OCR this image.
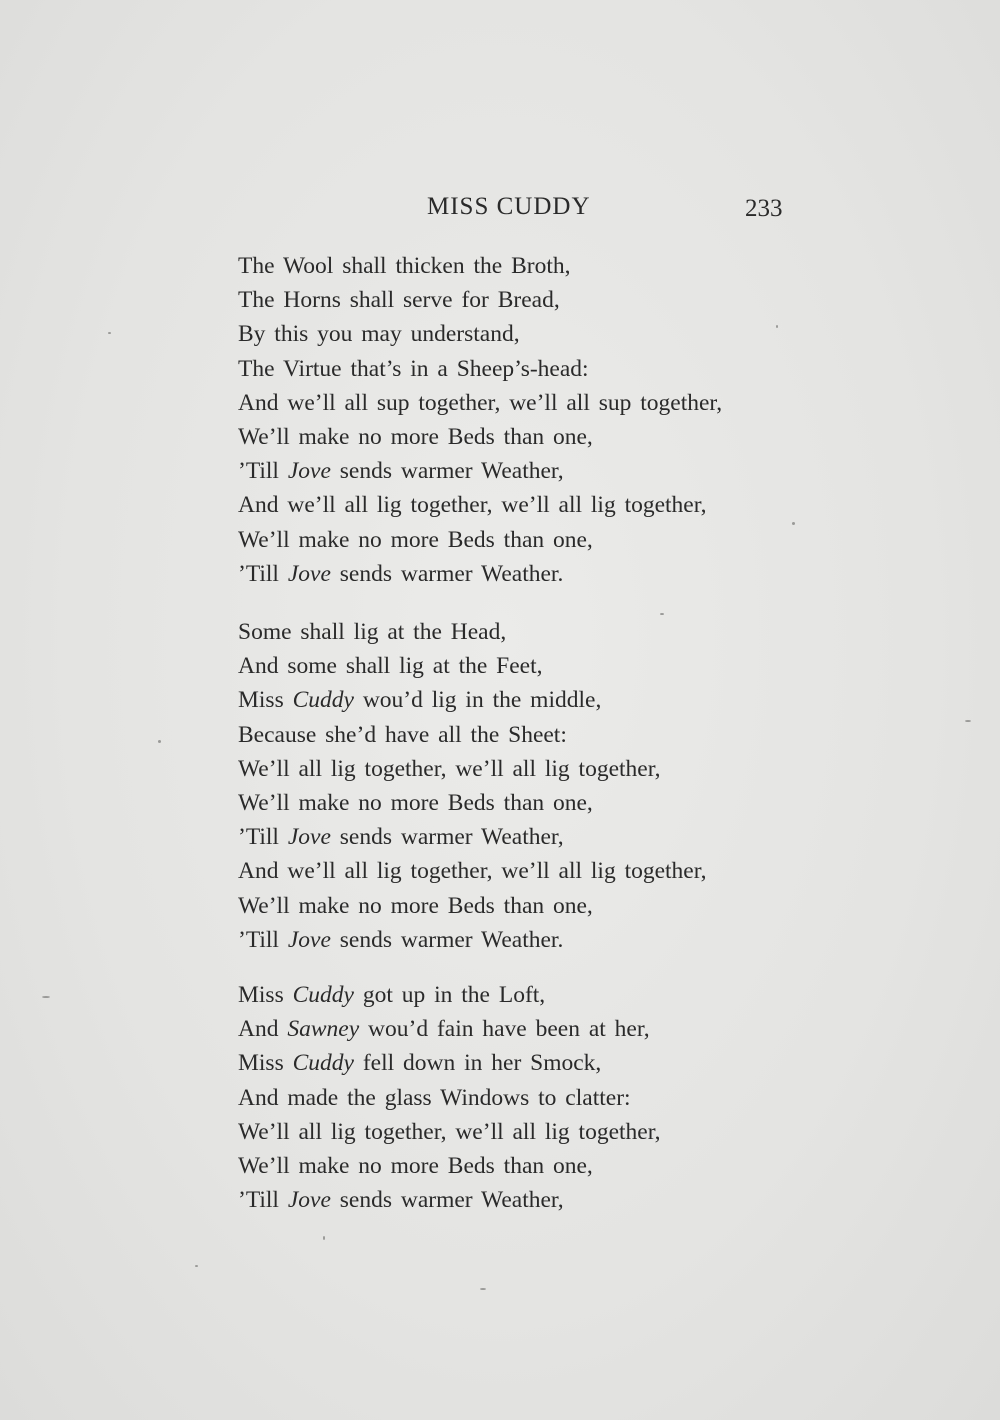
MISS CUDDY	233
The Wool shall thicken the Broth,
The Horns shall serve for Bread,
By this you may understand,
The Virtue that’s in a Sheep’s-head:
And we’ll all sup together, we’ll all sup together,
We’ll make no more Beds than one,
’Till Jove sends warmer Weather,
And we’ll all lig together, we’ll all lig together,
We’ll make no more Beds than one,
’Till Jove sends warmer Weather.
Some shall lig at the Head,
And some shall lig at the Feet,
Miss Cuddy wou’d lig in the middle,
Because she’d have all the Sheet:
We’ll all lig together, we’ll all lig together,
We’ll make no more Beds than one,
’Till Jove sends warmer Weather,
And we’ll all lig together, we’ll all lig together,
We’ll make no more Beds than one,
’Till Jove sends warmer Weather.
Miss Cuddy got up in the Loft,
And Sawney wou’d fain have been at her,
Miss Cuddy fell down in her Smock,
And made the glass Windows to clatter:
We’ll all lig together, we’ll all lig together,
We’ll make no more Beds than one,
’Till Jove sends warmer Weather,
